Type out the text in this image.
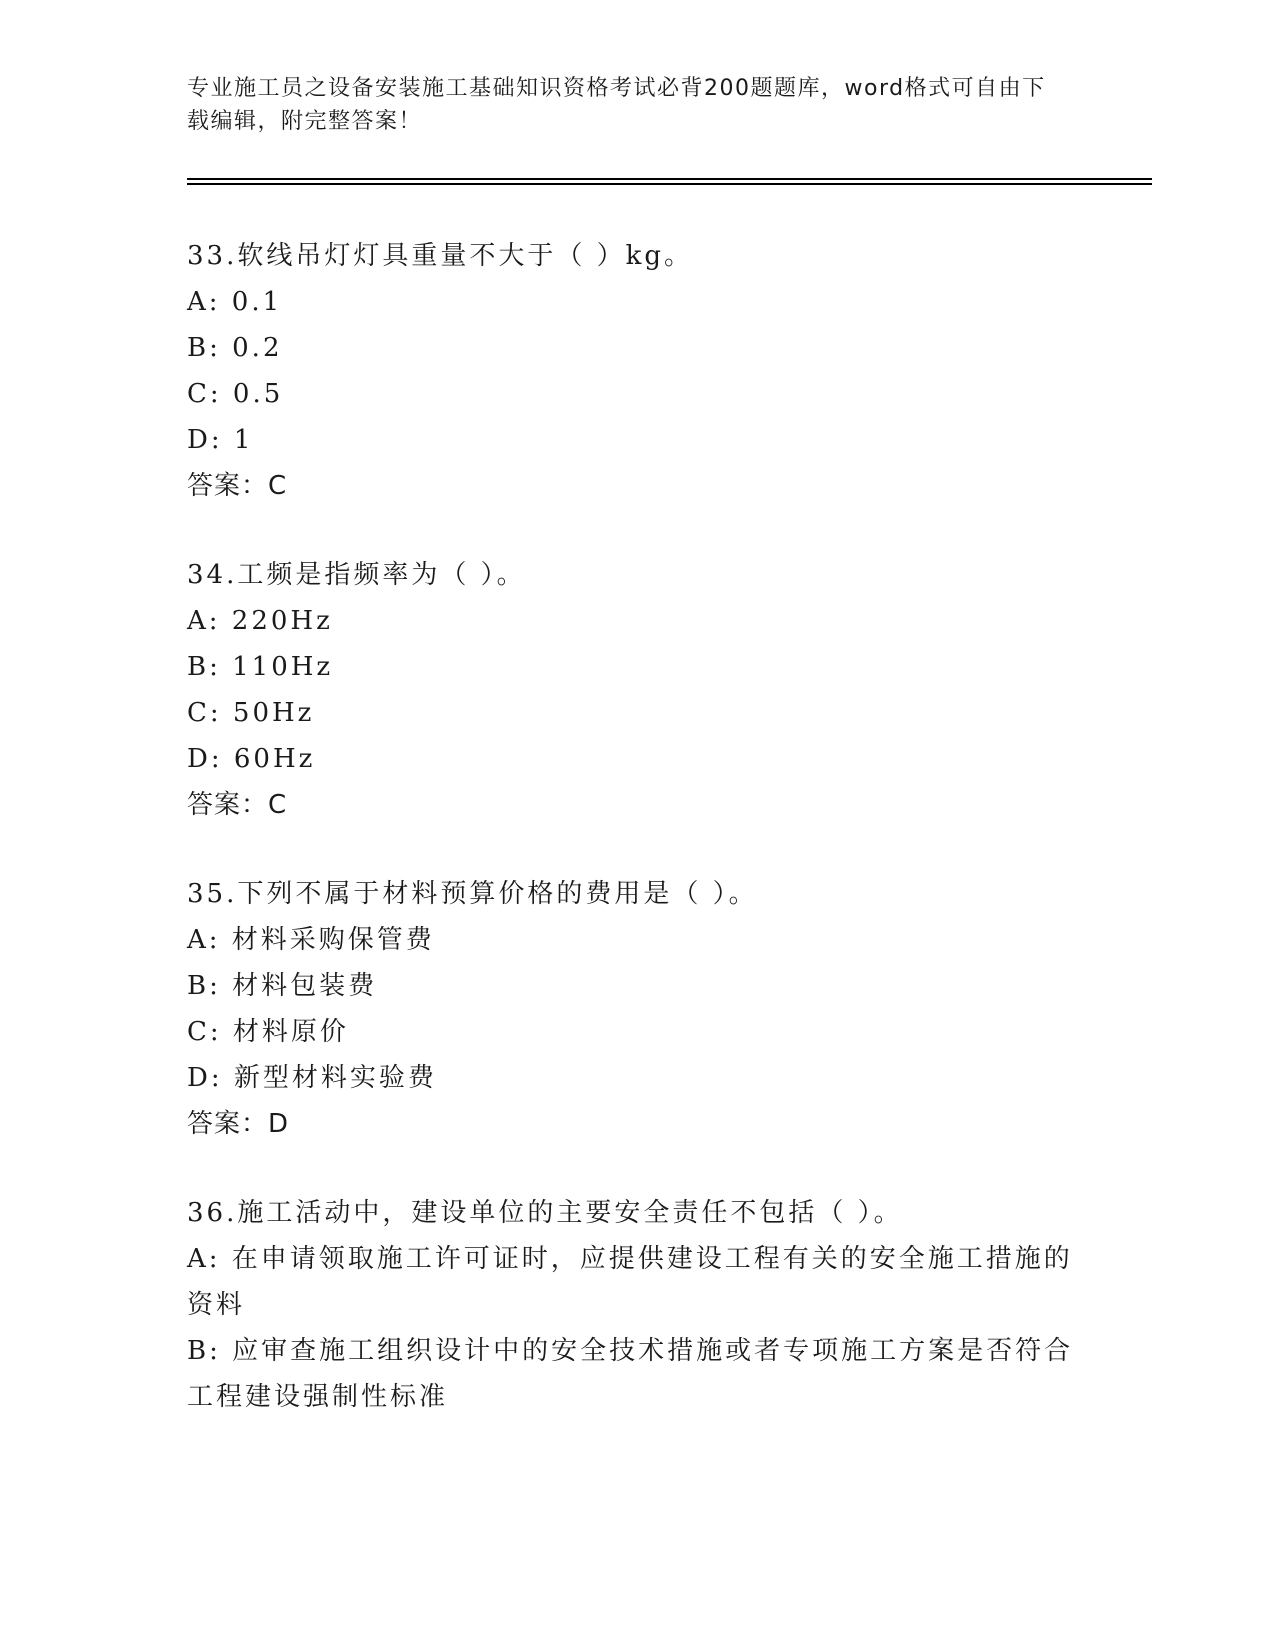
专业施工员之设备安装施工基础知识资格考试必背200题题库，word格式可自由下载编辑，附完整答案！
33.软线吊灯灯具重量不大于（ ）kg。
A: 0.1
B: 0.2
C: 0.5
D: 1
答案：C
34.工频是指频率为（ ）。
A: 220Hz
B: 110Hz
C: 50Hz
D: 60Hz
答案：C
35.下列不属于材料预算价格的费用是（ ）。
A: 材料采购保管费
B: 材料包装费
C: 材料原价
D: 新型材料实验费
答案：D
36.施工活动中，建设单位的主要安全责任不包括（ ）。
A: 在申请领取施工许可证时，应提供建设工程有关的安全施工措施的资料
B: 应审查施工组织设计中的安全技术措施或者专项施工方案是否符合工程建设强制性标准
